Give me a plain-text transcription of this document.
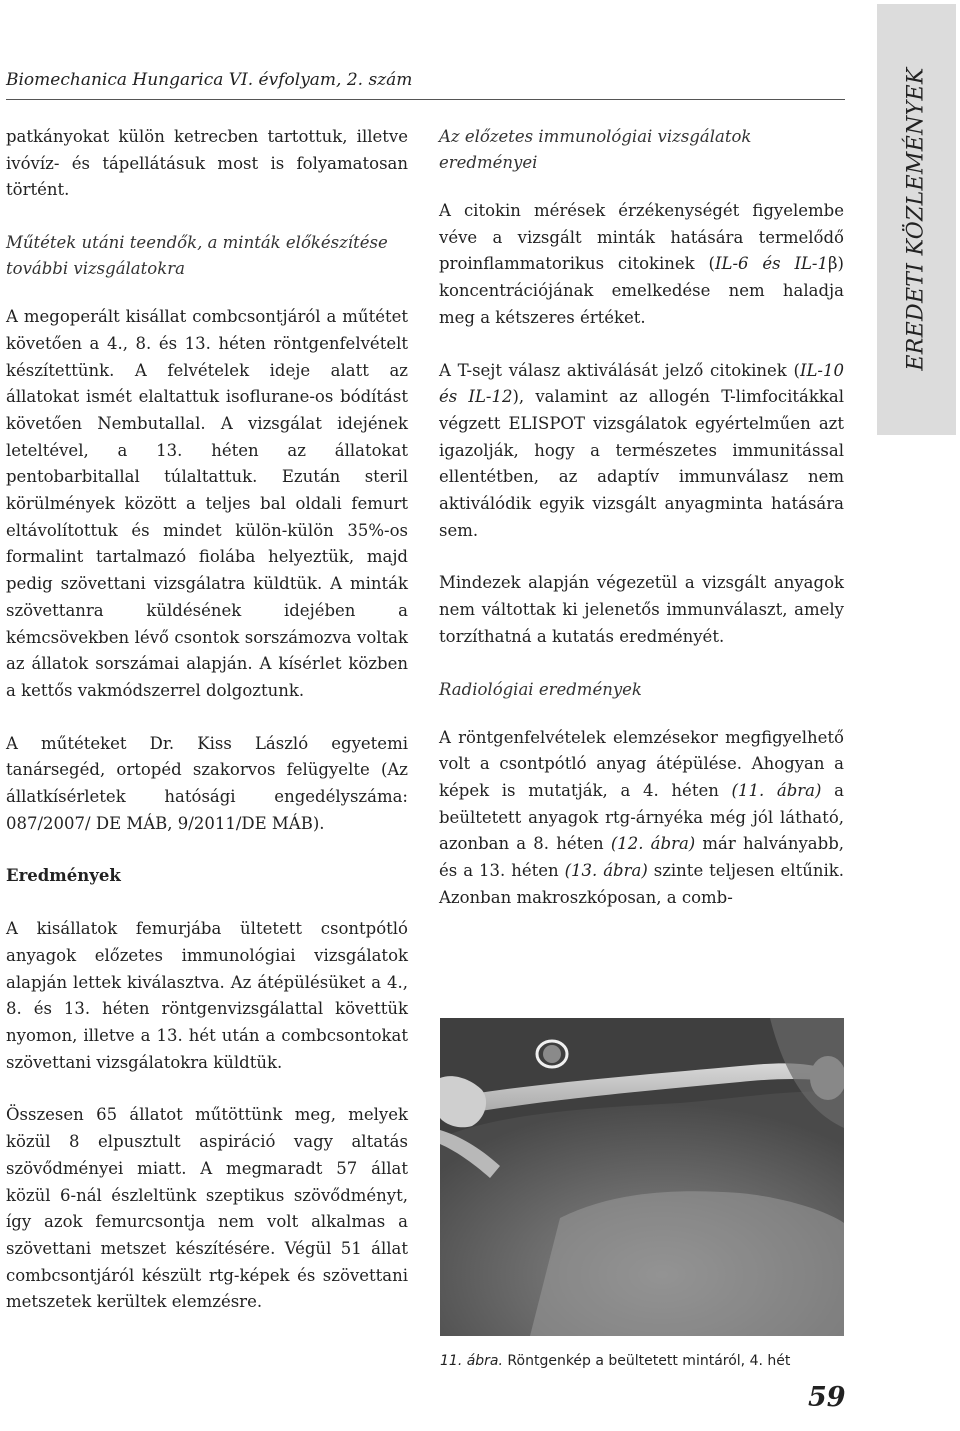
Biomechanica Hungarica VI. évfolyam, 2. szám	EREDETI KÖZLEMÉNYEK

patkányokat külön ketrecben tartottuk, illetve ivóvíz- és tápellátásuk most is folyamatosan történt.

Műtétek utáni teendők, a minták előkészítése további vizsgálatokra

A megoperált kisállat combcsontjáról a műtétet követően a 4., 8. és 13. héten röntgenfelvételt készítettünk. A felvételek ideje alatt az állatokat ismét elaltattuk isoflurane-os bódítást követően Nembutallal. A vizsgálat idejének leteltével, a 13. héten az állatokat pentobarbitallal túlaltattuk. Ezután steril körülmények között a teljes bal oldali femurt eltávolítottuk és mindet külön-külön 35%-os formalint tartalmazó fiolába helyeztük, majd pedig szövettani vizsgálatra küldtük. A minták szövettanra küldésének idejében a kémcsövekben lévő csontok sorszámozva voltak az állatok sorszámai alapján. A kísérlet közben a kettős vakmódszerrel dolgoztunk.

A műtéteket Dr. Kiss László egyetemi tanársegéd, ortopéd szakorvos felügyelte (Az állatkísérletek hatósági engedélyszáma: 087/2007/ DE MÁB, 9/2011/DE MÁB).

Eredmények

A kisállatok femurjába ültetett csontpótló anyagok előzetes immunológiai vizsgálatok alapján lettek kiválasztva. Az átépülésüket a 4., 8. és 13. héten röntgenvizsgálattal követtük nyomon, illetve a 13. hét után a combcsontokat szövettani vizsgálatokra küldtük.

Összesen 65 állatot műtöttünk meg, melyek közül 8 elpusztult aspiráció vagy altatás szövődményei miatt. A megmaradt 57 állat közül 6-nál észleltünk szeptikus szövődményt, így azok femurcsontja nem volt alkalmas a szövettani metszet készítésére. Végül 51 állat combcsontjáról készült rtg-képek és szövettani metszetek kerültek elemzésre.

Az előzetes immunológiai vizsgálatok eredményei

A citokin mérések érzékenységét figyelembe véve a vizsgált minták hatására termelődő proinflammatorikus citokinek (IL-6 és IL-1β) koncentrációjának emelkedése nem haladja meg a kétszeres értéket.

A T-sejt válasz aktiválását jelző citokinek (IL-10 és IL-12), valamint az allogén T-limfocitákkal végzett ELISPOT vizsgálatok egyértelműen azt igazolják, hogy a természetes immunitással ellentétben, az adaptív immunválasz nem aktiválódik egyik vizsgált anyagminta hatására sem.

Mindezek alapján végezetül a vizsgált anyagok nem váltottak ki jelenetős immunválaszt, amely torzíthatná a kutatás eredményét.

Radiológiai eredmények

A röntgenfelvételek elemzésekor megfigyelhető volt a csontpótló anyag átépülése. Ahogyan a képek is mutatják, a 4. héten (11. ábra) a beültetett anyagok rtg-árnyéka még jól látható, azonban a 8. héten (12. ábra) már halványabb, és a 13. héten (13. ábra) szinte teljesen eltűnik. Azonban makroszkóposan, a comb-

11. ábra. Röntgenkép a beültetett mintáról, 4. hét
59
